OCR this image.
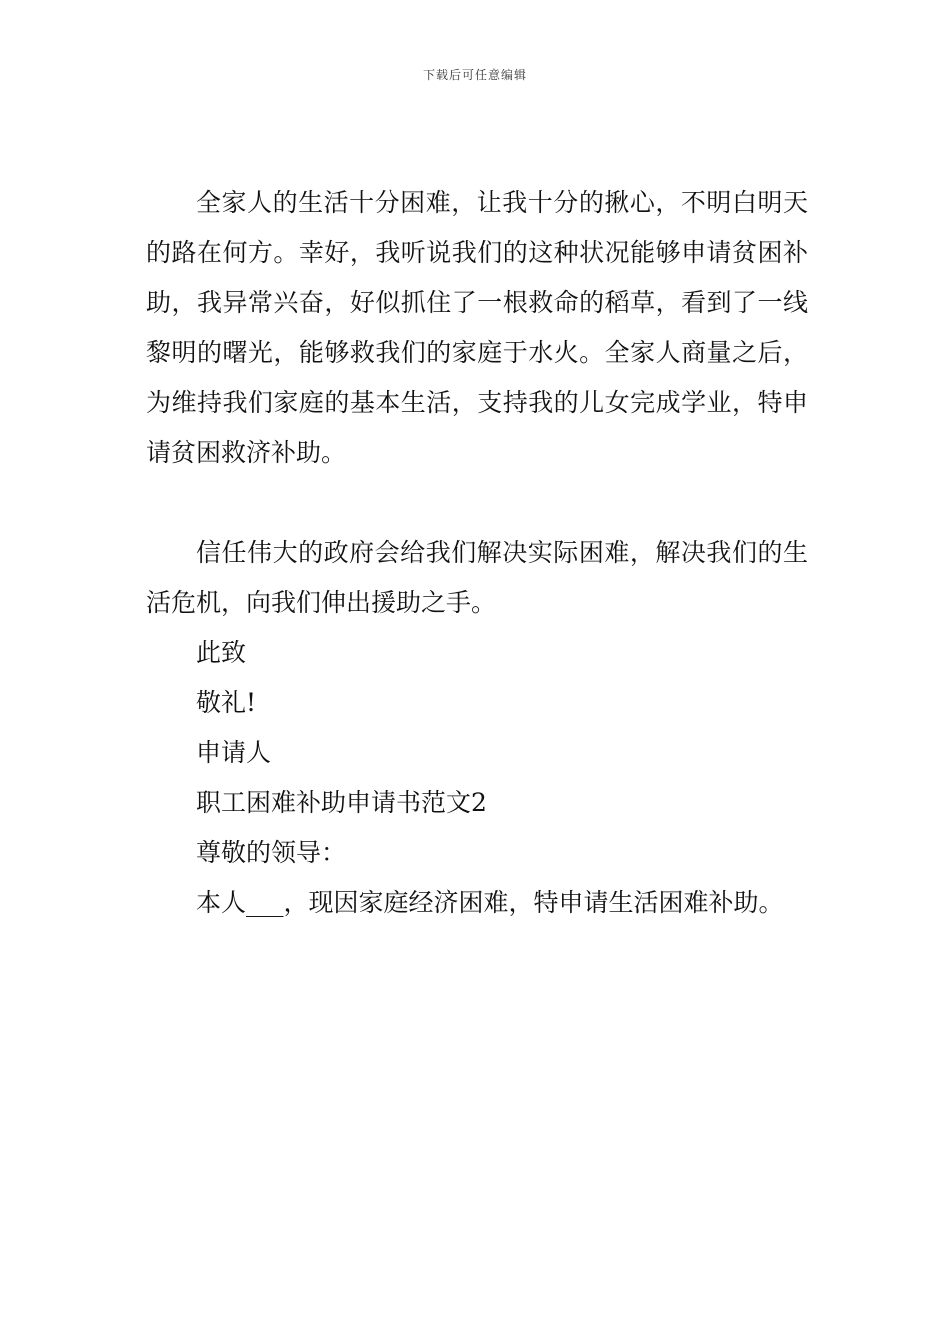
下载后可任意编辑

全家人的生活十分困难，让我十分的揪心，不明白明天的路在何方。幸好，我听说我们的这种状况能够申请贫困补助，我异常兴奋，好似抓住了一根救命的稻草，看到了一线黎明的曙光，能够救我们的家庭于水火。全家人商量之后，为维持我们家庭的基本生活，支持我的儿女完成学业，特申请贫困救济补助。

信任伟大的政府会给我们解决实际困难，解决我们的生活危机，向我们伸出援助之手。

此致

敬礼!

申请人

职工困难补助申请书范文2

尊敬的领导：

本人___，现因家庭经济困难，特申请生活困难补助。
